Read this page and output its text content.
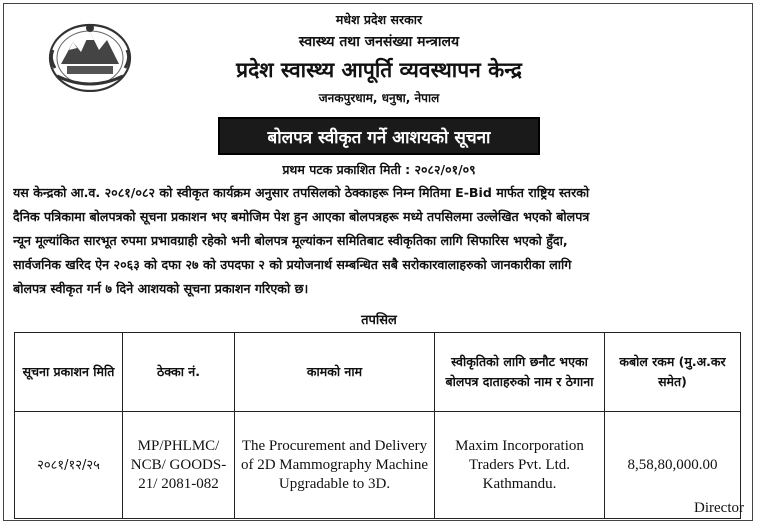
मधेश प्रदेश सरकार
स्वास्थ्य तथा जनसंख्या मन्त्रालय
प्रदेश स्वास्थ्य आपूर्ति व्यवस्थापन केन्द्र
जनकपुरधाम, धनुषा, नेपाल
बोलपत्र स्वीकृत गर्ने आशयको सूचना
प्रथम पटक प्रकाशित मिती : २०८२/०१/०९
यस केन्द्रको आ.व. २०८१/०८२ को स्वीकृत कार्यक्रम अनुसार तपसिलको ठेक्काहरू निम्न मितिमा E-Bid मार्फत राष्ट्रिय स्तरको
दैनिक पत्रिकामा बोलपत्रको सूचना प्रकाशन भए बमोजिम पेश हुन आएका बोलपत्रहरू मध्ये तपसिलमा उल्लेखित भएको बोलपत्र
न्यून मूल्यांकित सारभूत रुपमा प्रभावग्राही रहेको भनी बोलपत्र मूल्यांकन समितिबाट स्वीकृतिका लागि सिफारिस भएको हुँदा,
सार्वजनिक खरिद ऐन २०६३ को दफा २७ को उपदफा २ को प्रयोजनार्थ सम्बन्धित सबै सरोकारवालाहरुको जानकारीका लागि
बोलपत्र स्वीकृत गर्न ७ दिने आशयको सूचना प्रकाशन गरिएको छ।
तपसिल
सूचना प्रकाशन मिति	ठेक्का नं.	कामको नाम	स्वीकृतिको लागि छनौट भएका बोलपत्र दाताहरुको नाम र ठेगाना	कबोल रकम (मु.अ.कर समेत)
२०८१/१२/२५	MP/PHLMC/ NCB/ GOODS-21/ 2081-082	The Procurement and Delivery of 2D Mammography Machine Upgradable to 3D.	Maxim Incorporation Traders Pvt. Ltd. Kathmandu.	8,58,80,000.00
Director
